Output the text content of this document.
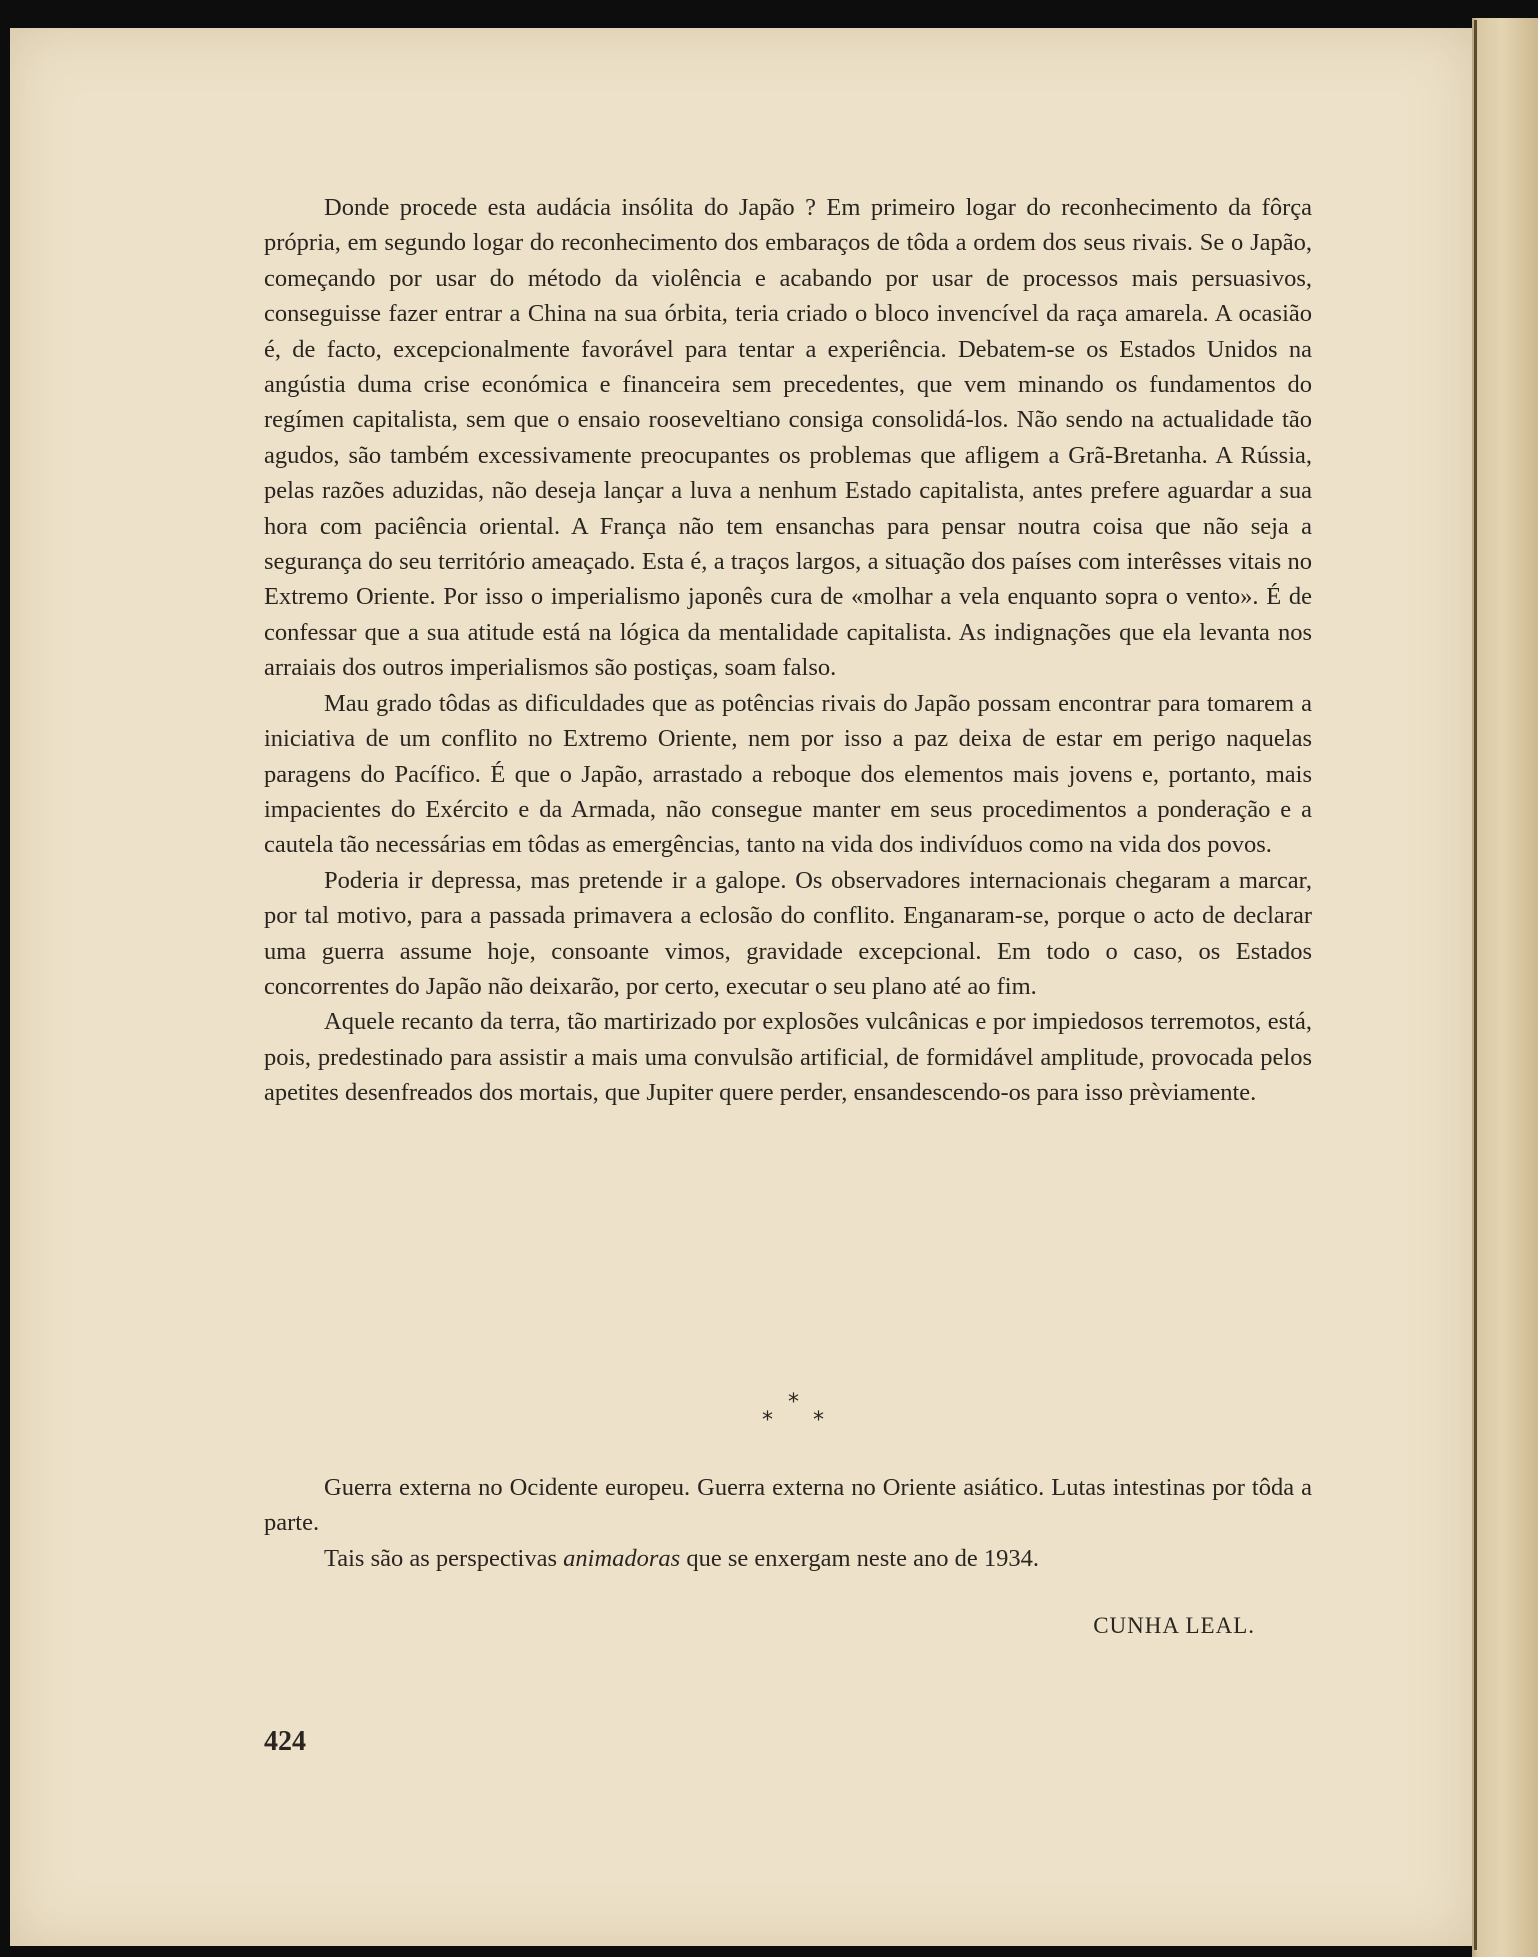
Donde procede esta audácia insólita do Japão ? Em primeiro logar do reconhecimento da fôrça própria, em segundo logar do reconhecimento dos embaraços de tôda a ordem dos seus rivais. Se o Japão, começando por usar do método da violência e acabando por usar de processos mais persuasivos, conseguisse fazer entrar a China na sua órbita, teria criado o bloco invencível da raça amarela. A ocasião é, de facto, excepcionalmente favorável para tentar a experiência. Debatem-se os Estados Unidos na angústia duma crise económica e financeira sem precedentes, que vem minando os fundamentos do regímen capitalista, sem que o ensaio rooseveltiano consiga consolidá-los. Não sendo na actualidade tão agudos, são também excessivamente preocupantes os problemas que afligem a Grã-Bretanha. A Rússia, pelas razões aduzidas, não deseja lançar a luva a nenhum Estado capitalista, antes prefere aguardar a sua hora com paciência oriental. A França não tem ensanchas para pensar noutra coisa que não seja a segurança do seu território ameaçado. Esta é, a traços largos, a situação dos países com interêsses vitais no Extremo Oriente. Por isso o imperialismo japonês cura de «molhar a vela enquanto sopra o vento». É de confessar que a sua atitude está na lógica da mentalidade capitalista. As indignações que ela levanta nos arraiais dos outros imperialismos são postiças, soam falso.

Mau grado tôdas as dificuldades que as potências rivais do Japão possam encontrar para tomarem a iniciativa de um conflito no Extremo Oriente, nem por isso a paz deixa de estar em perigo naquelas paragens do Pacífico. É que o Japão, arrastado a reboque dos elementos mais jovens e, portanto, mais impacientes do Exército e da Armada, não consegue manter em seus procedimentos a ponderação e a cautela tão necessárias em tôdas as emergências, tanto na vida dos indivíduos como na vida dos povos.

Poderia ir depressa, mas pretende ir a galope. Os observadores internacionais chegaram a marcar, por tal motivo, para a passada primavera a eclosão do conflito. Enganaram-se, porque o acto de declarar uma guerra assume hoje, consoante vimos, gravidade excepcional. Em todo o caso, os Estados concorrentes do Japão não deixarão, por certo, executar o seu plano até ao fim.

Aquele recanto da terra, tão martirizado por explosões vulcânicas e por impiedosos terremotos, está, pois, predestinado para assistir a mais uma convulsão artificial, de formidável amplitude, provocada pelos apetites desenfreados dos mortais, que Jupiter quere perder, ensandescendo-os para isso prèviamente.

*
* *

Guerra externa no Ocidente europeu. Guerra externa no Oriente asiático. Lutas intestinas por tôda a parte.

Tais são as perspectivas animadoras que se enxergam neste ano de 1934.

CUNHA LEAL.
424
